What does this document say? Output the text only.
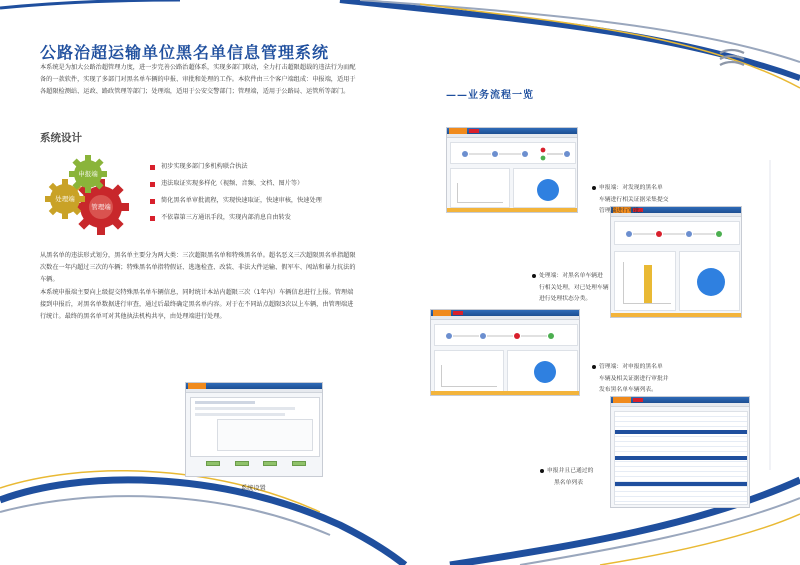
公路治超运输单位黑名单信息管理系统
本系统是为加大公路治超管理力度，进一步完善公路治超体系，实现多部门联动，全力打击超限超载的违法行为而配备的一款软件，实现了多部门对黑名单车辆的申报、审批和处理的工作。本软件由三个客户端组成：申报端，适用于各超限检测站、运政、路政管理等部门；处理端，适用于公安交警部门；管理端，适用于公路局、运管所等部门。
系统设计
申报端
处理端
管理端
初步实现多部门多机构联合执法
违法取证实现多样化（视频、音频、文档、图片等）
简化黑名单审批流程，实现快速取证，快速审核，快速处理
不依靠第三方通讯手段，实现内部消息自由转发

从黑名单的违法形式划分，黑名单主要分为两大类：三次超限黑名单和特殊黑名单。超名恶义三次超限黑名单指超限次数在一年内超过三次的车辆；特殊黑名单指特假证、逃逸检查、改装、非法大件运输、假军车、闯站和暴力抗法的车辆。

本系统申报端主要向上级提交特殊黑名单车辆信息，同时统计本站内超限三次（1年内）车辆信息进行上报。管理端接到申报后，对黑名单数据进行审查，通过后最终确定黑名单内容。对于在不同站点超限3次以上车辆，由管理端进行统计。最终的黑名单可对其他执法机构共享，由处理端进行处理。

系统设置
——业务流程一览
申报端：对发现的黑名单
车辆进行相关证据采集提交
管理端进行审批。
处理端：对黑名单车辆进
行相关处理，对已处理车辆
进行处理状态分类。
管理端：对申报的黑名单
车辆及相关证据进行审批并
发布黑名单车辆列表。
申报并且已通过的
黑名单列表
